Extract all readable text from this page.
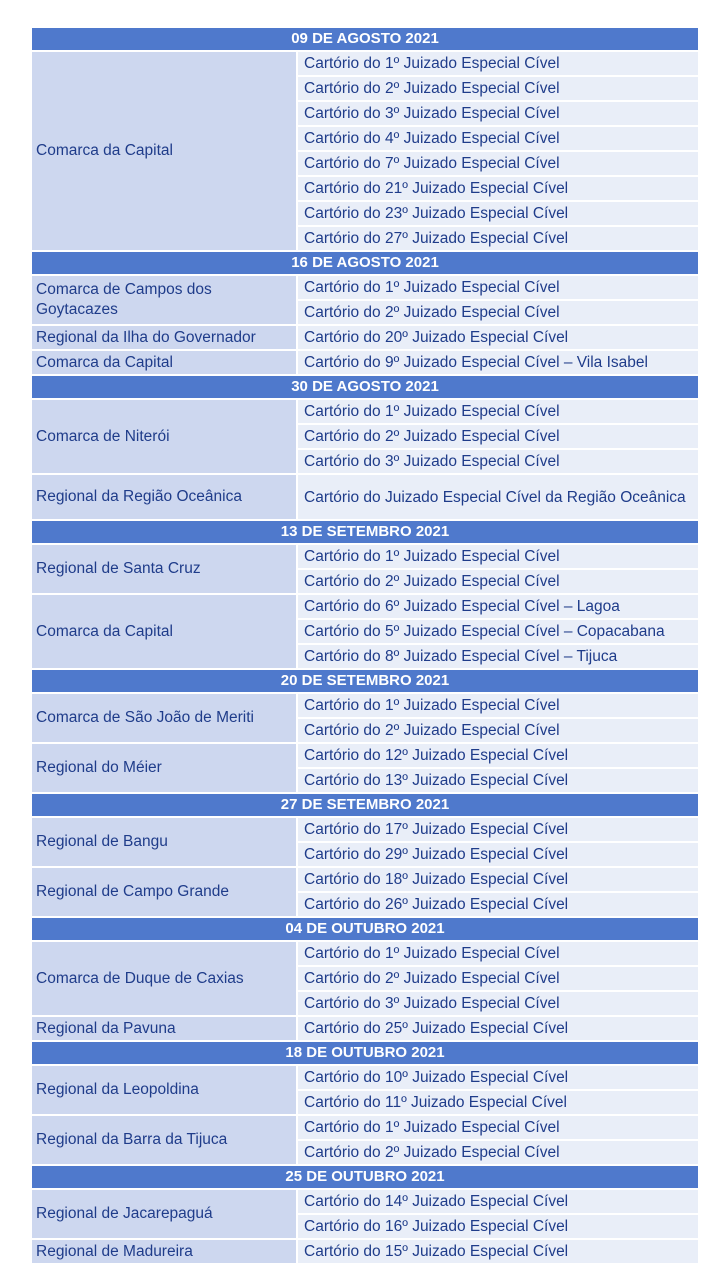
09 DE AGOSTO 2021	
Comarca da Capital	Cartório do 1º Juizado Especial Cível
	Cartório do 2º Juizado Especial Cível
	Cartório do 3º Juizado Especial Cível
	Cartório do 4º Juizado Especial Cível
	Cartório do 7º Juizado Especial Cível
	Cartório do 21º Juizado Especial Cível
	Cartório do 23º Juizado Especial Cível
	Cartório do 27º Juizado Especial Cível
16 DE AGOSTO 2021	
Comarca de Campos dos Goytacazes	Cartório do 1º Juizado Especial Cível
	Cartório do 2º Juizado Especial Cível
Regional da Ilha do Governador	Cartório do 20º Juizado Especial Cível
Comarca da Capital	Cartório do 9º Juizado Especial Cível – Vila Isabel
30 DE AGOSTO 2021	
Comarca de Niterói	Cartório do 1º Juizado Especial Cível
	Cartório do 2º Juizado Especial Cível
	Cartório do 3º Juizado Especial Cível
Regional da Região Oceânica	Cartório do Juizado Especial Cível da Região Oceânica
13 DE SETEMBRO 2021	
Regional de Santa Cruz	Cartório do 1º Juizado Especial Cível
	Cartório do 2º Juizado Especial Cível
Comarca da Capital	Cartório do 6º Juizado Especial Cível – Lagoa
	Cartório do 5º Juizado Especial Cível – Copacabana
	Cartório do 8º Juizado Especial Cível – Tijuca
20 DE SETEMBRO 2021	
Comarca de São João de Meriti	Cartório do 1º Juizado Especial Cível
	Cartório do 2º Juizado Especial Cível
Regional do Méier	Cartório do 12º Juizado Especial Cível
	Cartório do 13º Juizado Especial Cível
27 DE SETEMBRO 2021	
Regional de Bangu	Cartório do 17º Juizado Especial Cível
	Cartório do 29º Juizado Especial Cível
Regional de Campo Grande	Cartório do 18º Juizado Especial Cível
	Cartório do 26º Juizado Especial Cível
04 DE OUTUBRO 2021	
Comarca de Duque de Caxias	Cartório do 1º Juizado Especial Cível
	Cartório do 2º Juizado Especial Cível
	Cartório do 3º Juizado Especial Cível
Regional da Pavuna	Cartório do 25º Juizado Especial Cível
18 DE OUTUBRO 2021	
Regional da Leopoldina	Cartório do 10º Juizado Especial Cível
	Cartório do 11º Juizado Especial Cível
Regional da Barra da Tijuca	Cartório do 1º Juizado Especial Cível
	Cartório do 2º Juizado Especial Cível
25 DE OUTUBRO 2021	
Regional de Jacarepaguá	Cartório do 14º Juizado Especial Cível
	Cartório do 16º Juizado Especial Cível
Regional de Madureira	Cartório do 15º Juizado Especial Cível
